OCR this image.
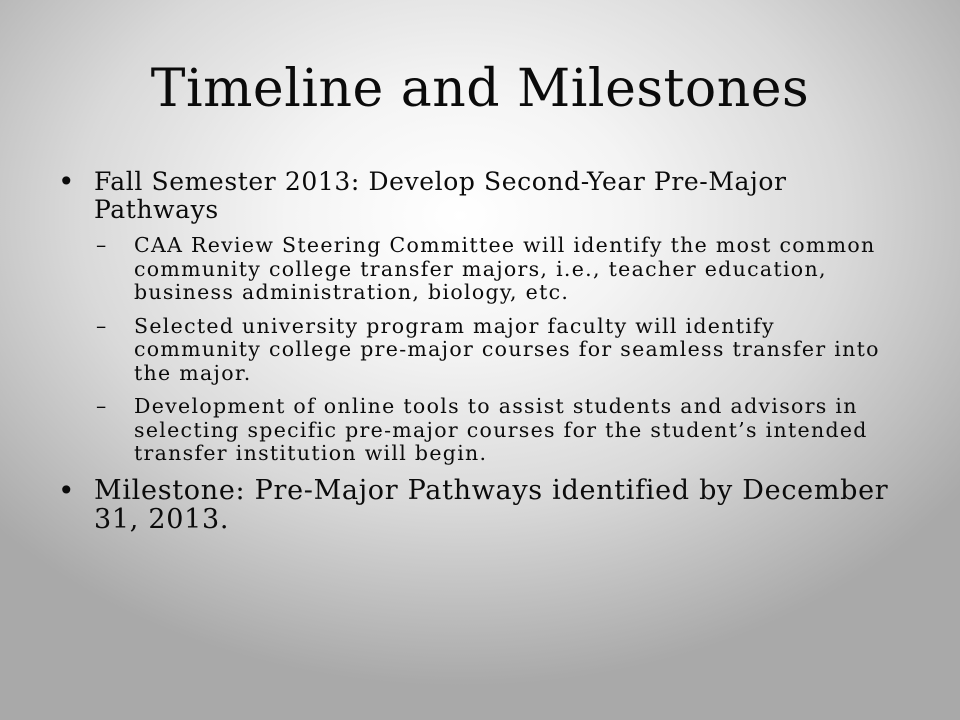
Timeline and Milestones
• Fall Semester 2013: Develop Second-Year Pre-Major Pathways
– CAA Review Steering Committee will identify the most common community college transfer majors, i.e., teacher education, business administration, biology, etc.
– Selected university program major faculty will identify community college pre-major courses for seamless transfer into the major.
– Development of online tools to assist students and advisors in selecting specific pre-major courses for the student’s intended transfer institution will begin.
• Milestone: Pre-Major Pathways identified by December 31, 2013.
